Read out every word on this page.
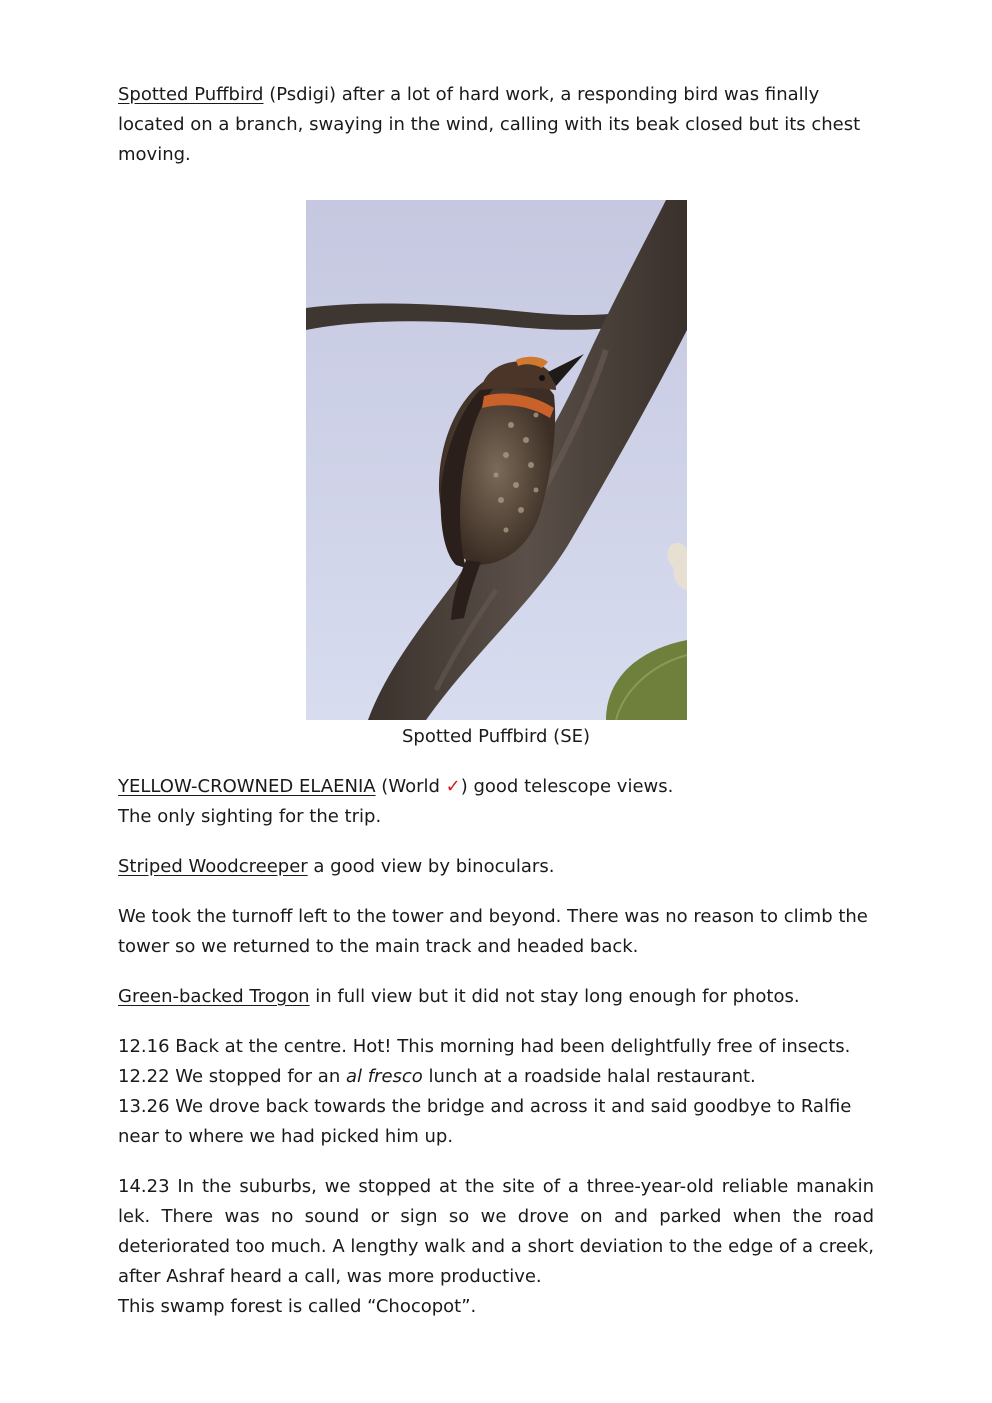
Spotted Puffbird (Psdigi) after a lot of hard work, a responding bird was finally located on a branch, swaying in the wind, calling with its beak closed but its chest moving.

Spotted Puffbird (SE)

YELLOW-CROWNED ELAENIA (World ✓) good telescope views.
The only sighting for the trip.

Striped Woodcreeper a good view by binoculars.

We took the turnoff left to the tower and beyond. There was no reason to climb the tower so we returned to the main track and headed back.

Green-backed Trogon in full view but it did not stay long enough for photos.

12.16 Back at the centre. Hot! This morning had been delightfully free of insects.
12.22 We stopped for an al fresco lunch at a roadside halal restaurant.
13.26 We drove back towards the bridge and across it and said goodbye to Ralfie near to where we had picked him up.

14.23 In the suburbs, we stopped at the site of a three-year-old reliable manakin lek. There was no sound or sign so we drove on and parked when the road deteriorated too much. A lengthy walk and a short deviation to the edge of a creek, after Ashraf heard a call, was more productive.
This swamp forest is called “Chocopot”.
